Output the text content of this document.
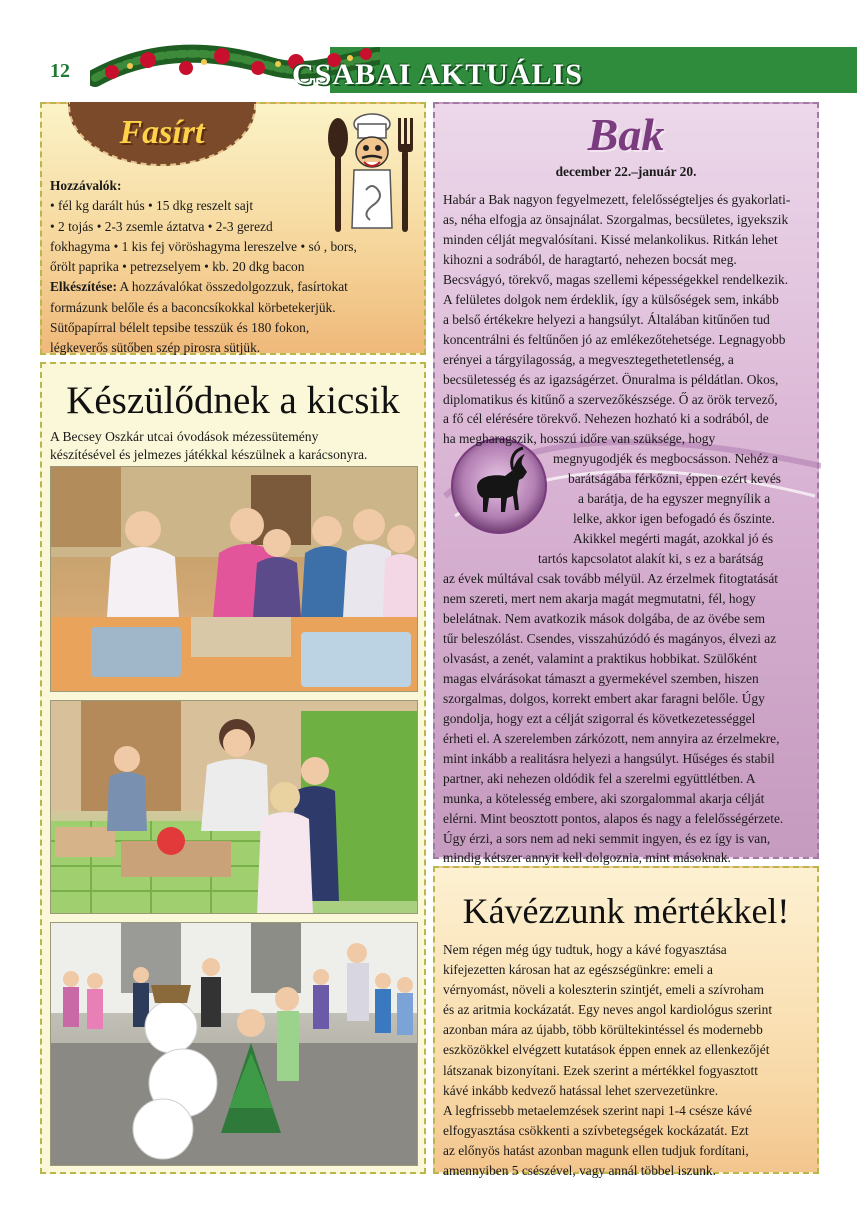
12	CSABAI AKTUÁLIS
Fasírt
Hozzávalók:
• fél kg darált hús • 15 dkg reszelt sajt
• 2 tojás • 2-3 zsemle áztatva • 2-3 gerezd
fokhagyma • 1 kis fej vöröshagyma lereszelve • só , bors,
őrölt paprika • petrezselyem • kb. 20 dkg bacon
Elkészítése: A hozzávalókat összedolgozzuk, fasírtokat
formázunk belőle és a baconcsíkokkal körbetekerjük.
Sütőpapírral bélelt tepsibe tesszük és 180 fokon,
légkeverős sütőben szép pirosra sütjük.
Készülődnek a kicsik
A Becsey Oszkár utcai óvodások mézessütemény
készítésével és jelmezes játékkal készülnek a karácsonyra.
Bak
december 22.–január 20.
Habár a Bak nagyon fegyelmezett, felelősségteljes és gyakorlati-
as, néha elfogja az önsajnálat. Szorgalmas, becsületes, igyekszik
minden célját megvalósítani. Kissé melankolikus. Ritkán lehet
kihozni a sodrából, de haragtartó, nehezen bocsát meg.
Becsvágyó, törekvő, magas szellemi képességekkel rendelkezik.
A felületes dolgok nem érdeklik, így a külsőségek sem, inkább
a belső értékekre helyezi a hangsúlyt. Általában kitűnően tud
koncentrálni és feltűnően jó az emlékezőtehetsége. Legnagyobb
erényei a tárgyilagosság, a megvesztegethetetlenség, a
becsületesség és az igazságérzet. Önuralma is példátlan. Okos,
diplomatikus és kitűnő a szervezőkészsége. Ő az örök tervező,
a fő cél elérésére törekvő. Nehezen hozható ki a sodrából, de
ha megharagszik, hosszú időre van szüksége, hogy
megnyugodjék és megbocsásson. Nehéz a
barátságába férkőzni, éppen ezért kevés
a barátja, de ha egyszer megnyílik a
lelke, akkor igen befogadó és őszinte.
Akikkel megérti magát, azokkal jó és
tartós kapcsolatot alakít ki, s ez a barátság
az évek múltával csak tovább mélyül. Az érzelmek fitogtatását
nem szereti, mert nem akarja magát megmutatni, fél, hogy
belelátnak. Nem avatkozik mások dolgába, de az övébe sem
tűr beleszólást. Csendes, visszahúzódó és magányos, élvezi az
olvasást, a zenét, valamint a praktikus hobbikat. Szülőként
magas elvárásokat támaszt a gyermekével szemben, hiszen
szorgalmas, dolgos, korrekt embert akar faragni belőle. Úgy
gondolja, hogy ezt a célját szigorral és következetességgel
érheti el. A szerelemben zárkózott, nem annyira az érzelmekre,
mint inkább a realitásra helyezi a hangsúlyt. Hűséges és stabil
partner, aki nehezen oldódik fel a szerelmi együttlétben. A
munka, a kötelesség embere, aki szorgalommal akarja célját
elérni. Mint beosztott pontos, alapos és nagy a felelősségérzete.
Úgy érzi, a sors nem ad neki semmit ingyen, és ez így is van,
mindig kétszer annyit kell dolgoznia, mint másoknak.
Kávézzunk mértékkel!
Nem régen még úgy tudtuk, hogy a kávé fogyasztása
kifejezetten károsan hat az egészségünkre: emeli a
vérnyomást, növeli a koleszterin szintjét, emeli a szívroham
és az aritmia kockázatát. Egy neves angol kardiológus szerint
azonban mára az újabb, több körültekintéssel és modernebb
eszközökkel elvégzett kutatások éppen ennek az ellenkezőjét
látszanak bizonyítani. Ezek szerint a mértékkel fogyasztott
kávé inkább kedvező hatással lehet szervezetünkre.
A legfrissebb metaelemzések szerint napi 1-4 csésze kávé
elfogyasztása csökkenti a szívbetegségek kockázatát. Ezt
az előnyös hatást azonban magunk ellen tudjuk fordítani,
amennyiben 5 csészével, vagy annál többel iszunk.
